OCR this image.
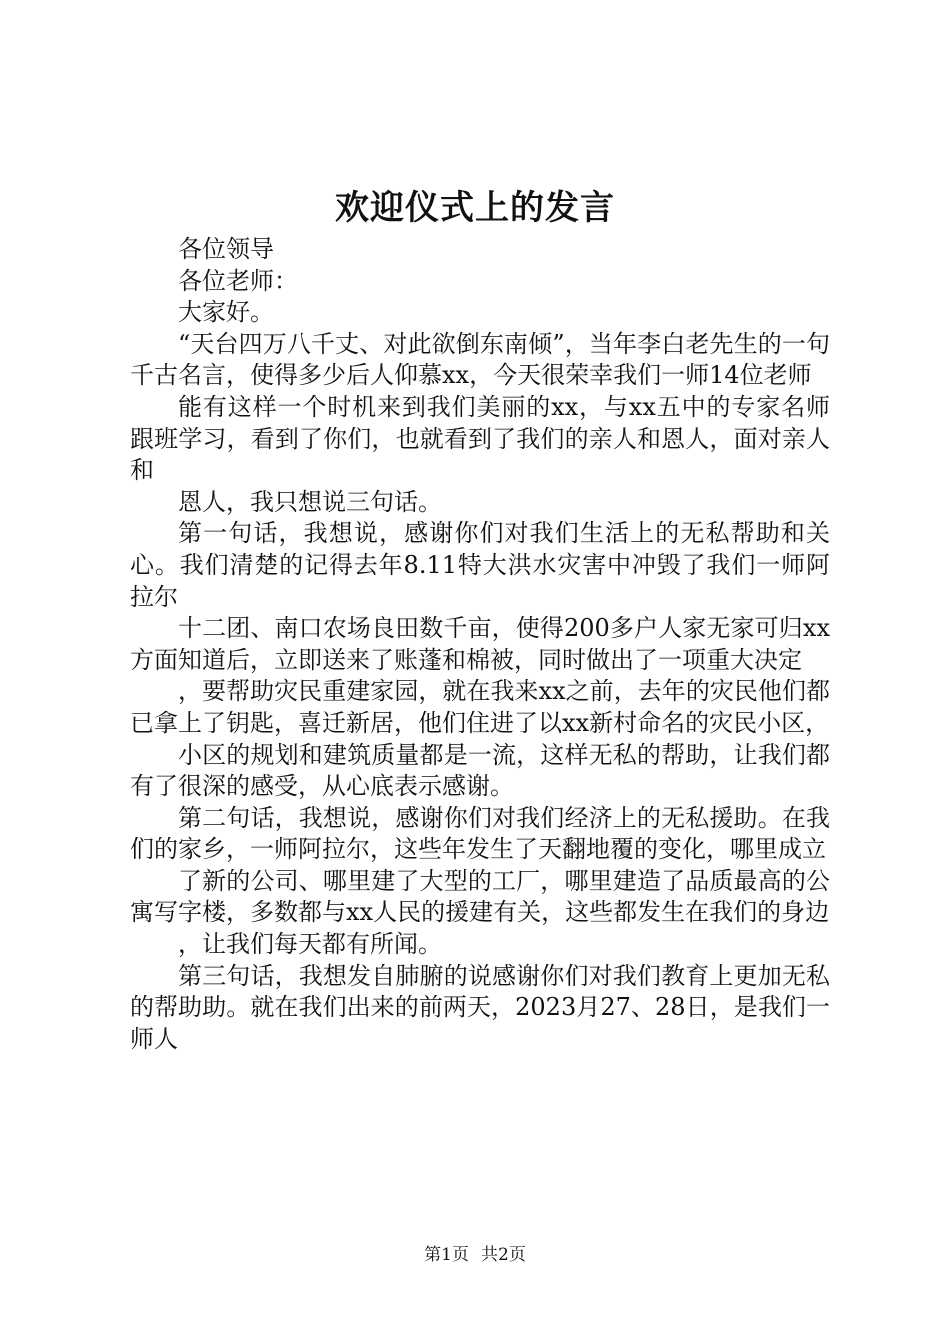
欢迎仪式上的发言

各位领导

各位老师：

大家好。

“天台四万八千丈、对此欲倒东南倾”，当年李白老先生的一句千古名言，使得多少后人仰慕xx，今天很荣幸我们一师14位老师

能有这样一个时机来到我们美丽的xx，与xx五中的专家名师跟班学习，看到了你们，也就看到了我们的亲人和恩人，面对亲人和

恩人，我只想说三句话。

第一句话，我想说，感谢你们对我们生活上的无私帮助和关心。我们清楚的记得去年8.11特大洪水灾害中冲毁了我们一师阿拉尔

十二团、南口农场良田数千亩，使得200多户人家无家可归xx方面知道后，立即送来了账蓬和棉被，同时做出了一项重大决定

，要帮助灾民重建家园，就在我来xx之前，去年的灾民他们都已拿上了钥匙，喜迁新居，他们住进了以xx新村命名的灾民小区，

小区的规划和建筑质量都是一流，这样无私的帮助，让我们都有了很深的感受，从心底表示感谢。

第二句话，我想说，感谢你们对我们经济上的无私援助。在我们的家乡，一师阿拉尔，这些年发生了天翻地覆的变化，哪里成立

了新的公司、哪里建了大型的工厂，哪里建造了品质最高的公寓写字楼，多数都与xx人民的援建有关，这些都发生在我们的身边

，让我们每天都有所闻。

第三句话，我想发自肺腑的说感谢你们对我们教育上更加无私的帮助助。就在我们出来的前两天，2023月27、28日，是我们一师人

第1页 共2页
